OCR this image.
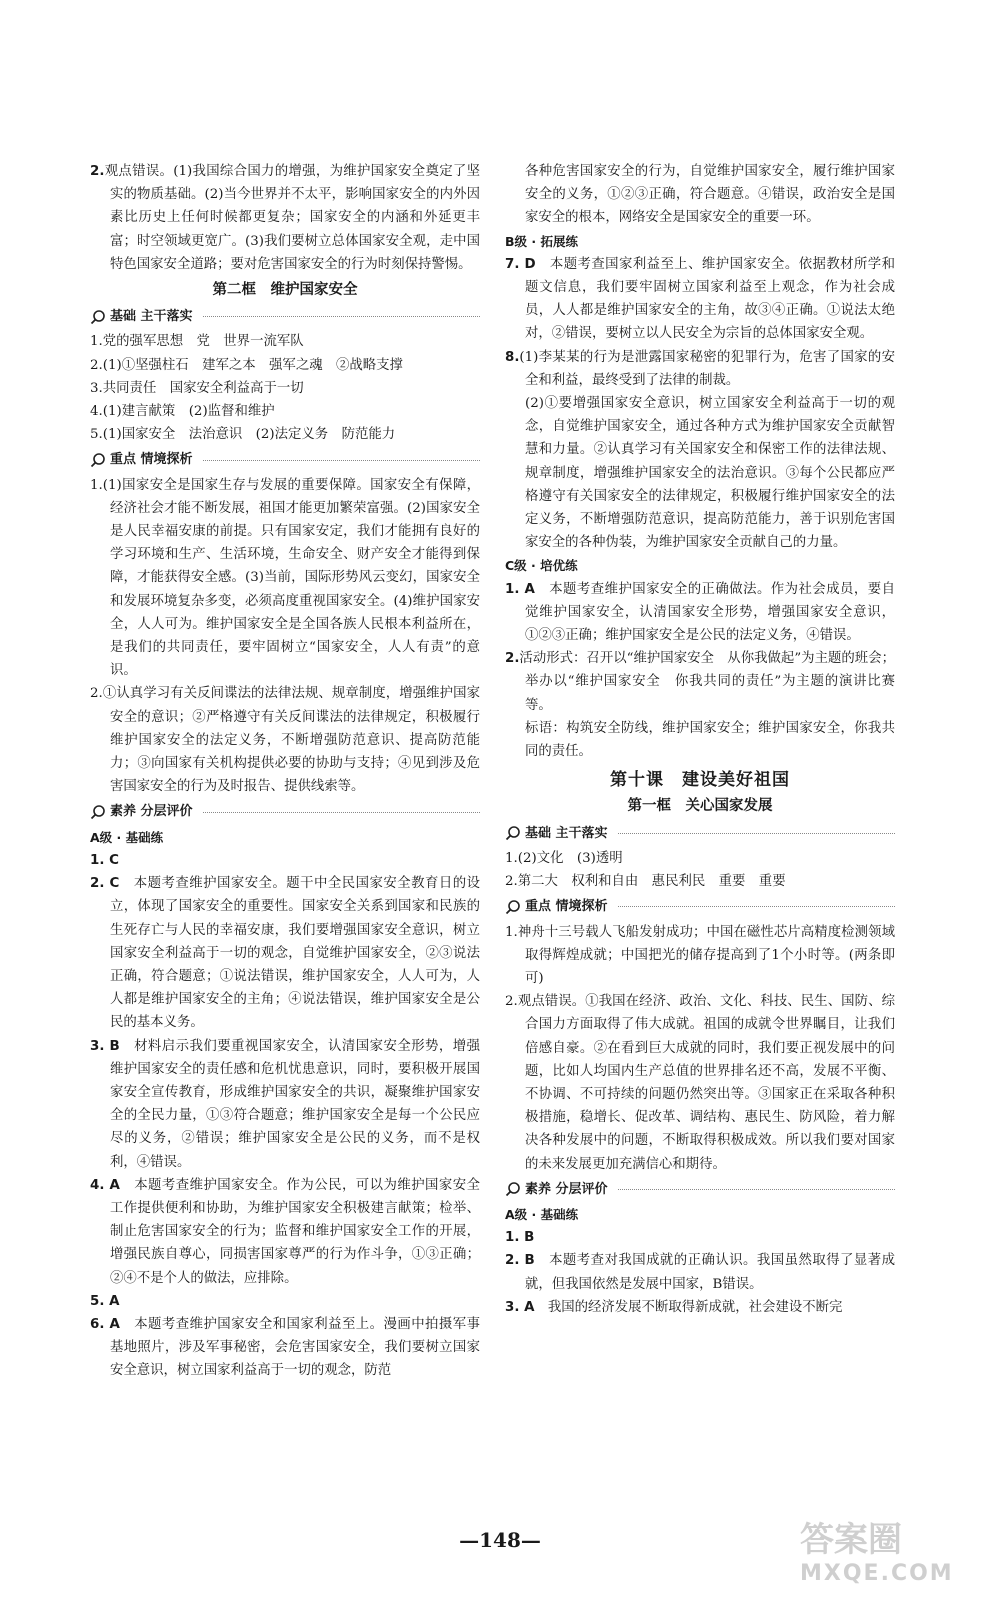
2.观点错误。(1)我国综合国力的增强，为维护国家安全奠定了坚实的物质基础。(2)当今世界并不太平，影响国家安全的内外因素比历史上任何时候都更复杂；国家安全的内涵和外延更丰富；时空领域更宽广。(3)我们要树立总体国家安全观，走中国特色国家安全道路；要对危害国家安全的行为时刻保持警惕。

第二框　维护国家安全
基础 主干落实

1.党的强军思想　党　世界一流军队

2.(1)①坚强柱石　建军之本　强军之魂　②战略支撑

3.共同责任　国家安全利益高于一切

4.(1)建言献策　(2)监督和维护

5.(1)国家安全　法治意识　(2)法定义务　防范能力

重点 情境探析

1.(1)国家安全是国家生存与发展的重要保障。国家安全有保障，经济社会才能不断发展，祖国才能更加繁荣富强。(2)国家安全是人民幸福安康的前提。只有国家安定，我们才能拥有良好的学习环境和生产、生活环境，生命安全、财产安全才能得到保障，才能获得安全感。(3)当前，国际形势风云变幻，国家安全和发展环境复杂多变，必须高度重视国家安全。(4)维护国家安全，人人可为。维护国家安全是全国各族人民根本利益所在，是我们的共同责任，要牢固树立“国家安全，人人有责”的意识。

2.①认真学习有关反间谍法的法律法规、规章制度，增强维护国家安全的意识；②严格遵守有关反间谍法的法律规定，积极履行维护国家安全的法定义务，不断增强防范意识、提高防范能力；③向国家有关机构提供必要的协助与支持；④见到涉及危害国家安全的行为及时报告、提供线索等。

素养 分层评价

A级 · 基础练

1. C

2. C　 本题考查维护国家安全。题干中全民国家安全教育日的设立，体现了国家安全的重要性。国家安全关系到国家和民族的生死存亡与人民的幸福安康，我们要增强国家安全意识，树立国家安全利益高于一切的观念，自觉维护国家安全，②③说法正确，符合题意；①说法错误，维护国家安全，人人可为，人人都是维护国家安全的主角；④说法错误，维护国家安全是公民的基本义务。

3. B　 材料启示我们要重视国家安全，认清国家安全形势，增强维护国家安全的责任感和危机忧患意识，同时，要积极开展国家安全宣传教育，形成维护国家安全的共识，凝聚维护国家安全的全民力量，①③符合题意；维护国家安全是每一个公民应尽的义务，②错误；维护国家安全是公民的义务，而不是权利，④错误。

4. A　 本题考查维护国家安全。作为公民，可以为维护国家安全工作提供便利和协助，为维护国家安全积极建言献策；检举、制止危害国家安全的行为；监督和维护国家安全工作的开展，增强民族自尊心，同损害国家尊严的行为作斗争，①③正确；②④不是个人的做法，应排除。

5. A

6. A　 本题考查维护国家安全和国家利益至上。漫画中拍摄军事基地照片，涉及军事秘密，会危害国家安全，我们要树立国家安全意识，树立国家利益高于一切的观念，防范

各种危害国家安全的行为，自觉维护国家安全，履行维护国家安全的义务，①②③正确，符合题意。④错误，政治安全是国家安全的根本，网络安全是国家安全的重要一环。

B级 · 拓展练

7. D　 本题考查国家利益至上、维护国家安全。依据教材所学和题文信息，我们要牢固树立国家利益至上观念，作为社会成员，人人都是维护国家安全的主角，故③④正确。①说法太绝对，②错误，要树立以人民安全为宗旨的总体国家安全观。

8.(1)李某某的行为是泄露国家秘密的犯罪行为，危害了国家的安全和利益，最终受到了法律的制裁。

(2)①要增强国家安全意识，树立国家安全利益高于一切的观念，自觉维护国家安全，通过各种方式为维护国家安全贡献智慧和力量。②认真学习有关国家安全和保密工作的法律法规、规章制度，增强维护国家安全的法治意识。③每个公民都应严格遵守有关国家安全的法律规定，积极履行维护国家安全的法定义务，不断增强防范意识，提高防范能力，善于识别危害国家安全的各种伪装，为维护国家安全贡献自己的力量。

C级 · 培优练

1. A　 本题考查维护国家安全的正确做法。作为社会成员，要自觉维护国家安全，认清国家安全形势，增强国家安全意识，①②③正确；维护国家安全是公民的法定义务，④错误。

2.活动形式：召开以“维护国家安全　从你我做起”为主题的班会；举办以“维护国家安全　你我共同的责任”为主题的演讲比赛等。

标语：构筑安全防线，维护国家安全；维护国家安全，你我共同的责任。

第十课　建设美好祖国
第一框　关心国家发展
基础 主干落实

1.(2)文化　(3)透明

2.第二大　权利和自由　惠民利民　重要　重要

重点 情境探析

1.神舟十三号载人飞船发射成功；中国在磁性芯片高精度检测领域取得辉煌成就；中国把光的储存提高到了1个小时等。(两条即可)

2.观点错误。①我国在经济、政治、文化、科技、民生、国防、综合国力方面取得了伟大成就。祖国的成就令世界瞩目，让我们倍感自豪。②在看到巨大成就的同时，我们要正视发展中的问题，比如人均国内生产总值的世界排名还不高，发展不平衡、不协调、不可持续的问题仍然突出等。③国家正在采取各种积极措施，稳增长、促改革、调结构、惠民生、防风险，着力解决各种发展中的问题，不断取得积极成效。所以我们要对国家的未来发展更加充满信心和期待。

素养 分层评价

A级 · 基础练

1. B

2. B　 本题考查对我国成就的正确认识。我国虽然取得了显著成就，但我国依然是发展中国家，B错误。

3. A　 我国的经济发展不断取得新成就，社会建设不断完

—148—	答案圈
MXQE.COM
